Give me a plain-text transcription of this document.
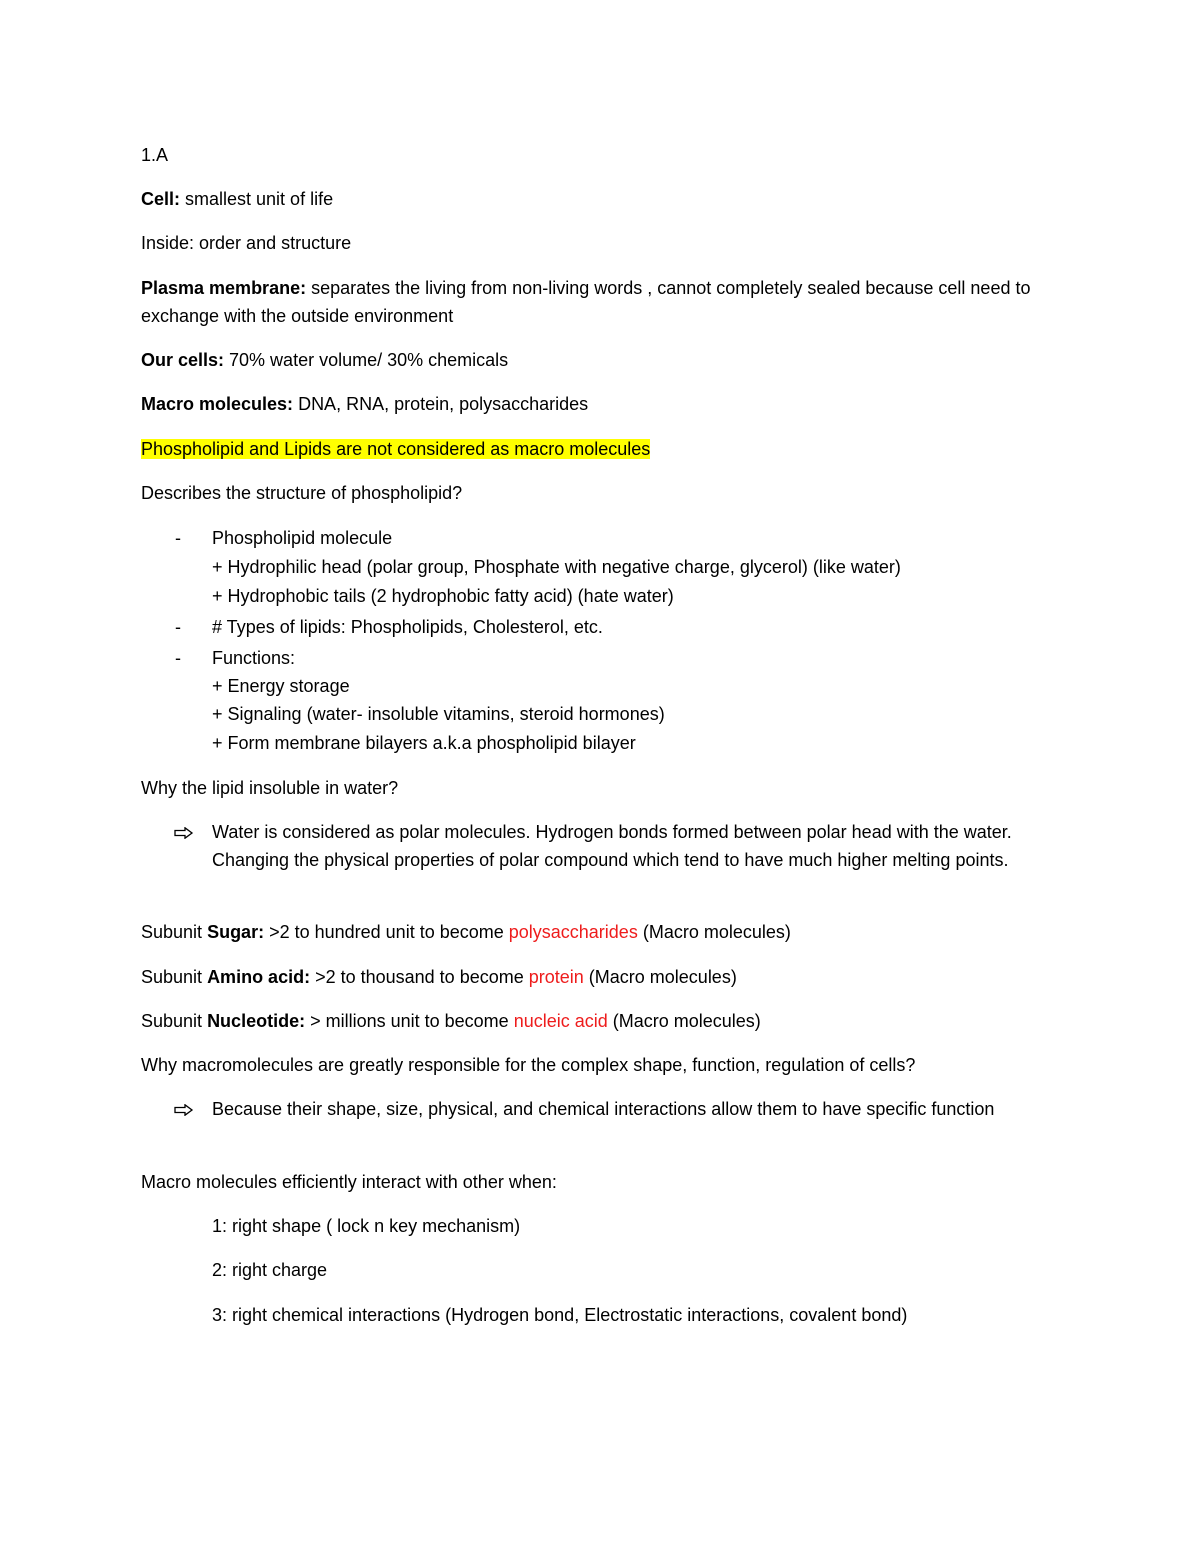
1.A
Cell: smallest unit of life
Inside: order and structure
Plasma membrane: separates the living from non-living words , cannot completely sealed because cell need to exchange with the outside environment
Our cells: 70% water volume/ 30% chemicals
Macro molecules: DNA, RNA, protein, polysaccharides
Phospholipid and Lipids are not considered as macro molecules
Describes the structure of phospholipid?
-	Phospholipid molecule
+ Hydrophilic head (polar group, Phosphate with negative charge, glycerol) (like water)
+ Hydrophobic tails (2 hydrophobic fatty acid) (hate water)
-	# Types of lipids: Phospholipids, Cholesterol, etc.
-	Functions:
+ Energy storage
+ Signaling (water- insoluble vitamins, steroid hormones)
+ Form membrane bilayers a.k.a phospholipid bilayer
Why the lipid insoluble in water?
Water is considered as polar molecules. Hydrogen bonds formed between polar head with the water. Changing the physical properties of polar compound which tend to have much higher melting points.
Subunit Sugar: >2 to hundred unit to become polysaccharides (Macro molecules)
Subunit Amino acid: >2 to thousand to become protein (Macro molecules)
Subunit Nucleotide: > millions unit to become nucleic acid (Macro molecules)
Why macromolecules are greatly responsible for the complex shape, function, regulation of cells?
Because their shape, size, physical, and chemical interactions allow them to have specific function
Macro molecules efficiently interact with other when:
1: right shape ( lock n key mechanism)
2: right charge
3: right chemical interactions (Hydrogen bond, Electrostatic interactions, covalent bond)
